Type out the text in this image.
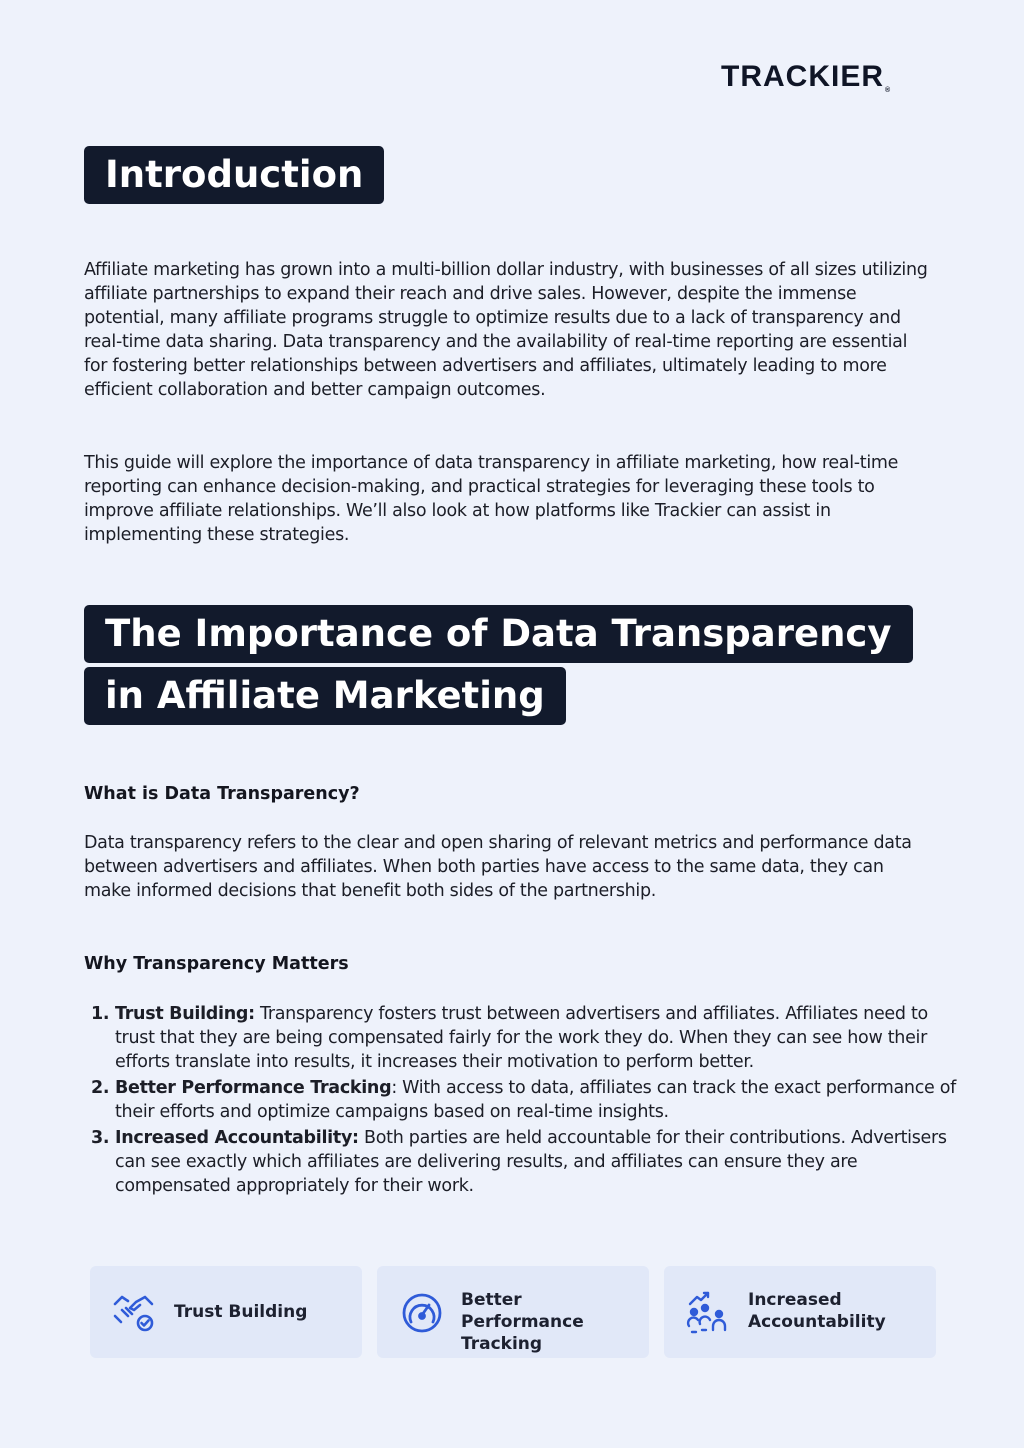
TRACKIER®
Introduction

Affiliate marketing has grown into a multi-billion dollar industry, with businesses of all sizes utilizing affiliate partnerships to expand their reach and drive sales. However, despite the immense potential, many affiliate programs struggle to optimize results due to a lack of transparency and real-time data sharing. Data transparency and the availability of real-time reporting are essential for fostering better relationships between advertisers and affiliates, ultimately leading to more efficient collaboration and better campaign outcomes.

This guide will explore the importance of data transparency in affiliate marketing, how real-time reporting can enhance decision-making, and practical strategies for leveraging these tools to improve affiliate relationships. We’ll also look at how platforms like Trackier can assist in implementing these strategies.

The Importance of Data Transparency
in Affiliate Marketing

What is Data Transparency?

Data transparency refers to the clear and open sharing of relevant metrics and performance data between advertisers and affiliates. When both parties have access to the same data, they can make informed decisions that benefit both sides of the partnership.

Why Transparency Matters

1. Trust Building: Transparency fosters trust between advertisers and affiliates. Affiliates need to trust that they are being compensated fairly for the work they do. When they can see how their efforts translate into results, it increases their motivation to perform better.
2. Better Performance Tracking: With access to data, affiliates can track the exact performance of their efforts and optimize campaigns based on real-time insights.
3. Increased Accountability: Both parties are held accountable for their contributions. Advertisers can see exactly which affiliates are delivering results, and affiliates can ensure they are compensated appropriately for their work.
Trust Building
Better Performance
Tracking
Increased
Accountability
